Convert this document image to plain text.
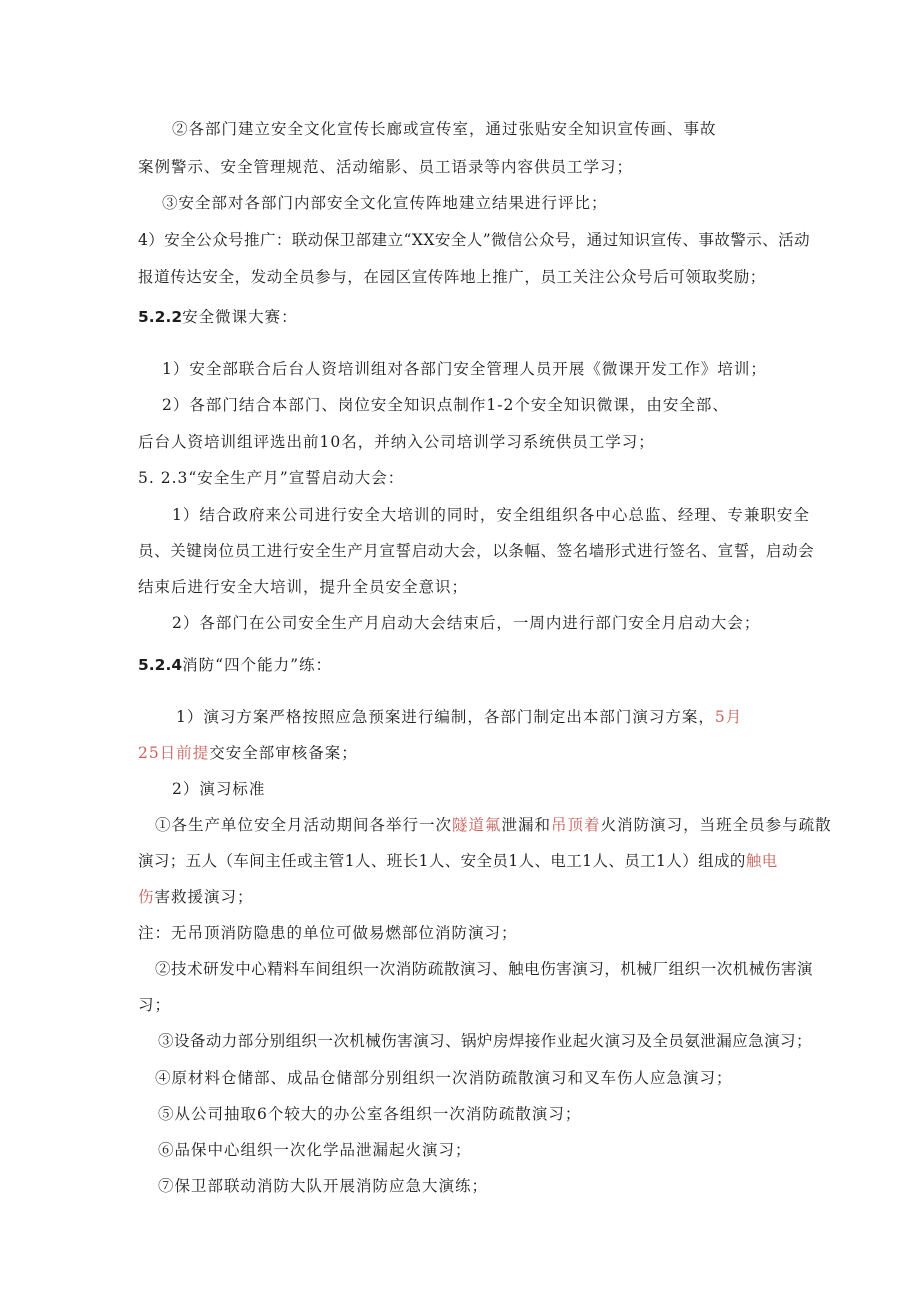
②各部门建立安全文化宣传长廊或宣传室，通过张贴安全知识宣传画、事故
案例警示、安全管理规范、活动缩影、员工语录等内容供员工学习；
③安全部对各部门内部安全文化宣传阵地建立结果进行评比；
4）安全公众号推广：联动保卫部建立“XX安全人”微信公众号，通过知识宣传、事故警示、活动
报道传达安全，发动全员参与，在园区宣传阵地上推广，员工关注公众号后可领取奖励；
5.2.2安全微课大赛：
1）安全部联合后台人资培训组对各部门安全管理人员开展《微课开发工作》培训；
2）各部门结合本部门、岗位安全知识点制作1-2个安全知识微课，由安全部、
后台人资培训组评选出前10名，并纳入公司培训学习系统供员工学习；
5. 2.3“安全生产月”宣誓启动大会：
1）结合政府来公司进行安全大培训的同时，安全组组织各中心总监、经理、专兼职安全
员、关键岗位员工进行安全生产月宣誓启动大会，以条幅、签名墙形式进行签名、宣誓，启动会
结束后进行安全大培训，提升全员安全意识；
2）各部门在公司安全生产月启动大会结束后，一周内进行部门安全月启动大会；
5.2.4消防“四个能力”练：
1）演习方案严格按照应急预案进行编制，各部门制定出本部门演习方案，5月
25日前提交安全部审核备案；
2）演习标准
①各生产单位安全月活动期间各举行一次隧道氟泄漏和吊顶着火消防演习，当班全员参与疏散
演习；五人（车间主任或主管1人、班长1人、安全员1人、电工1人、员工1人）组成的触电
伤害救援演习；
注：无吊顶消防隐患的单位可做易燃部位消防演习；
②技术研发中心精料车间组织一次消防疏散演习、触电伤害演习，机械厂组织一次机械伤害演
习；
③设备动力部分别组织一次机械伤害演习、锅炉房焊接作业起火演习及全员氨泄漏应急演习；
④原材料仓储部、成品仓储部分别组织一次消防疏散演习和叉车伤人应急演习；
⑤从公司抽取6个较大的办公室各组织一次消防疏散演习；
⑥品保中心组织一次化学品泄漏起火演习；
⑦保卫部联动消防大队开展消防应急大演练；
